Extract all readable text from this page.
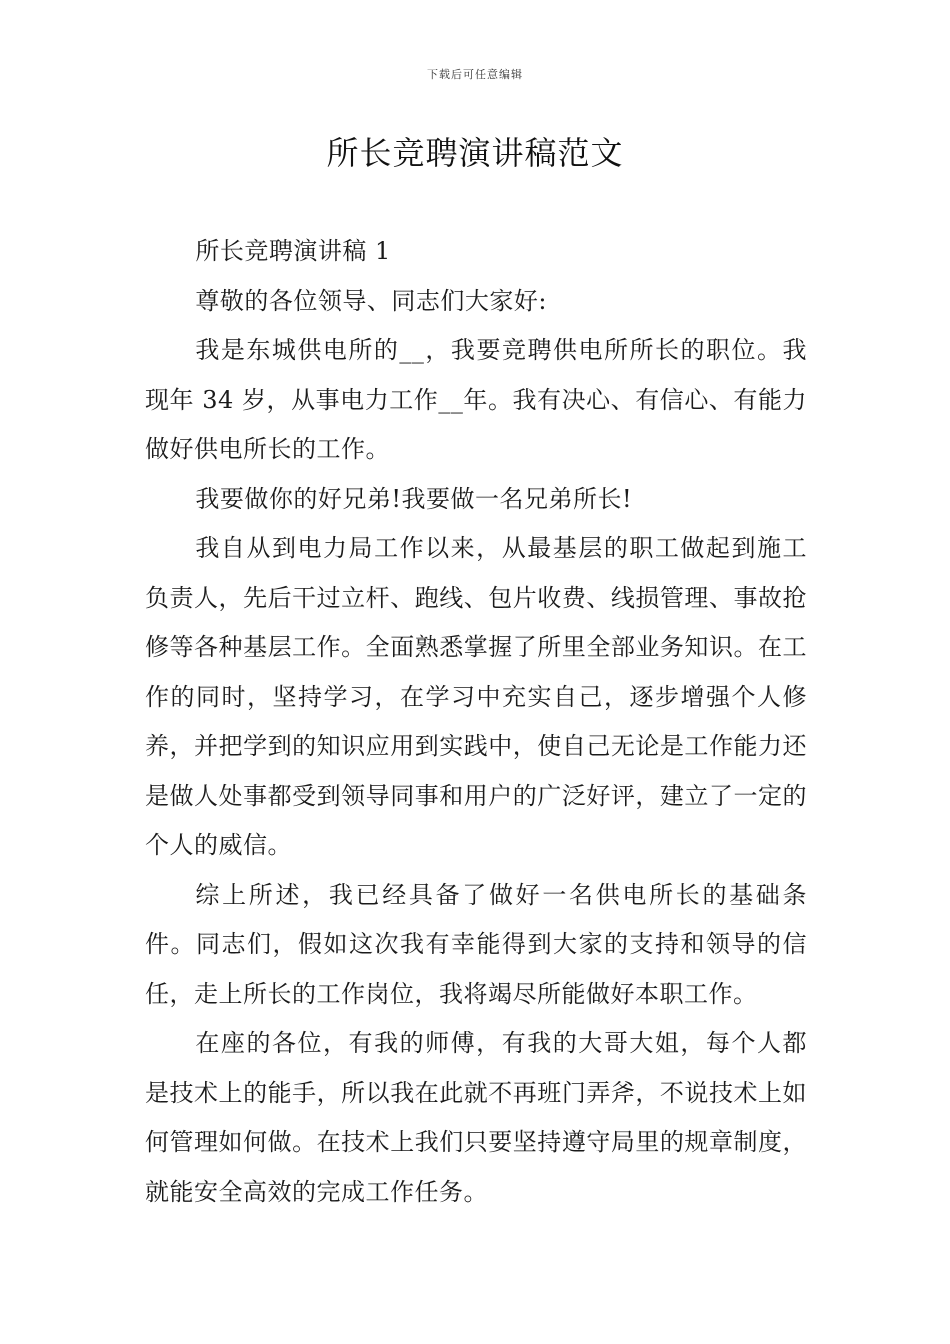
下载后可任意编辑
所长竞聘演讲稿范文

所长竞聘演讲稿 1

尊敬的各位领导、同志们大家好:

我是东城供电所的__，我要竞聘供电所所长的职位。我现年 34 岁，从事电力工作__年。我有决心、有信心、有能力做好供电所长的工作。

我要做你的好兄弟!我要做一名兄弟所长!

我自从到电力局工作以来，从最基层的职工做起到施工负责人，先后干过立杆、跑线、包片收费、线损管理、事故抢修等各种基层工作。全面熟悉掌握了所里全部业务知识。在工作的同时，坚持学习，在学习中充实自己，逐步增强个人修养，并把学到的知识应用到实践中，使自己无论是工作能力还是做人处事都受到领导同事和用户的广泛好评，建立了一定的个人的威信。

综上所述，我已经具备了做好一名供电所长的基础条件。同志们，假如这次我有幸能得到大家的支持和领导的信任，走上所长的工作岗位，我将竭尽所能做好本职工作。

在座的各位，有我的师傅，有我的大哥大姐，每个人都是技术上的能手，所以我在此就不再班门弄斧，不说技术上如何管理如何做。在技术上我们只要坚持遵守局里的规章制度，就能安全高效的完成工作任务。
